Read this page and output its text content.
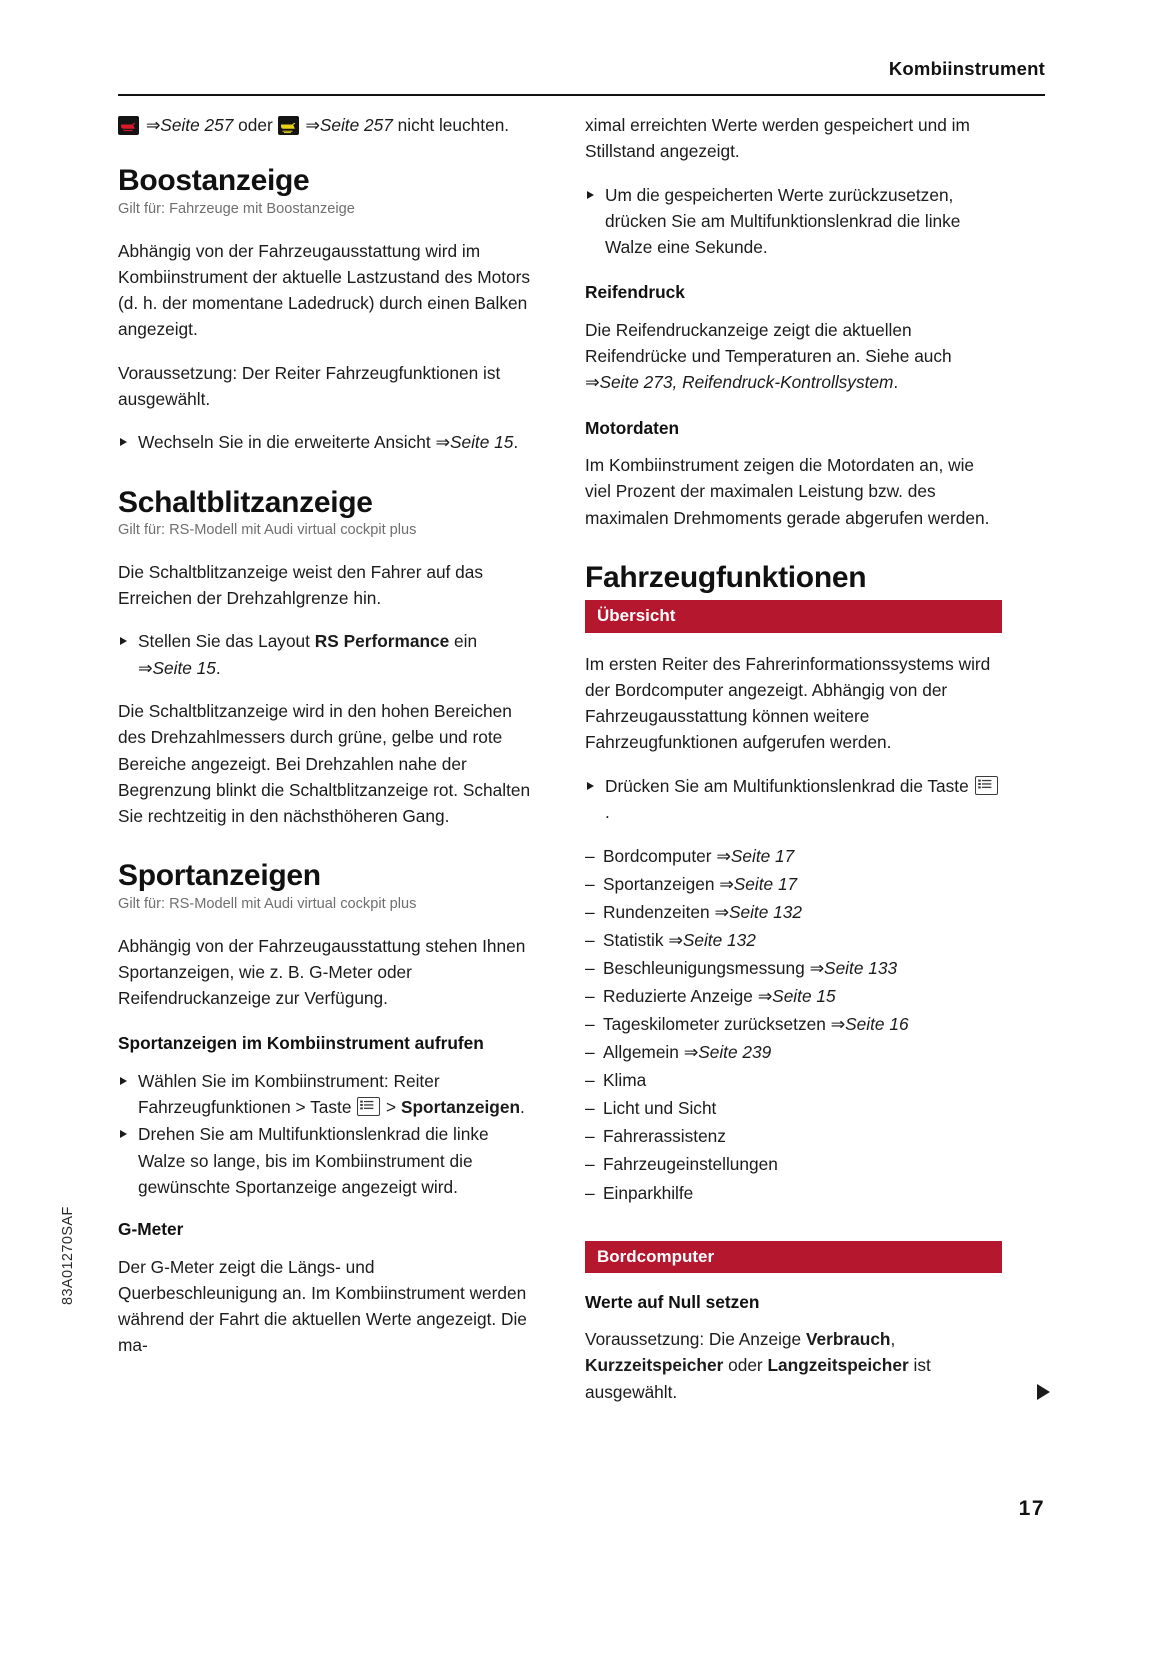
Kombiinstrument

⇒Seite 257 oder
⇒Seite 257 nicht leuchten.

Boostanzeige
Gilt für: Fahrzeuge mit Boostanzeige

Abhängig von der Fahrzeugausstattung wird im Kombiinstrument der aktuelle Lastzustand des Motors (d. h. der momentane Ladedruck) durch einen Balken angezeigt.

Voraussetzung: Der Reiter Fahrzeugfunktionen ist ausgewählt.

Wechseln Sie in die erweiterte Ansicht ⇒Seite 15.
Schaltblitzanzeige
Gilt für: RS-Modell mit Audi virtual cockpit plus

Die Schaltblitzanzeige weist den Fahrer auf das Erreichen der Drehzahlgrenze hin.

Stellen Sie das Layout RS Performance ein ⇒Seite 15.

Die Schaltblitzanzeige wird in den hohen Bereichen des Drehzahlmessers durch grüne, gelbe und rote Bereiche angezeigt. Bei Drehzahlen nahe der Begrenzung blinkt die Schaltblitzanzeige rot. Schalten Sie rechtzeitig in den nächsthöheren Gang.

Sportanzeigen
Gilt für: RS-Modell mit Audi virtual cockpit plus

Abhängig von der Fahrzeugausstattung stehen Ihnen Sportanzeigen, wie z. B. G-Meter oder Reifendruckanzeige zur Verfügung.

Sportanzeigen im Kombiinstrument aufrufen
Wählen Sie im Kombiinstrument: Reiter Fahrzeugfunktionen > Taste
> Sportanzeigen.
Drehen Sie am Multifunktionslenkrad die linke Walze so lange, bis im Kombiinstrument die gewünschte Sportanzeige angezeigt wird.
G-Meter

Der G-Meter zeigt die Längs- und Querbeschleunigung an. Im Kombiinstrument werden während der Fahrt die aktuellen Werte angezeigt. Die ma-

ximal erreichten Werte werden gespeichert und im Stillstand angezeigt.

Um die gespeicherten Werte zurückzusetzen, drücken Sie am Multifunktionslenkrad die linke Walze eine Sekunde.
Reifendruck

Die Reifendruckanzeige zeigt die aktuellen Reifendrücke und Temperaturen an. Siehe auch ⇒Seite 273, Reifendruck-Kontrollsystem.

Motordaten

Im Kombiinstrument zeigen die Motordaten an, wie viel Prozent der maximalen Leistung bzw. des maximalen Drehmoments gerade abgerufen werden.

Fahrzeugfunktionen
Übersicht

Im ersten Reiter des Fahrerinformationssystems wird der Bordcomputer angezeigt. Abhängig von der Fahrzeugausstattung können weitere Fahrzeugfunktionen aufgerufen werden.

Drücken Sie am Multifunktionslenkrad die Taste
.
– Bordcomputer ⇒Seite 17
– Sportanzeigen ⇒Seite 17
– Rundenzeiten ⇒Seite 132
– Statistik ⇒Seite 132
– Beschleunigungsmessung ⇒Seite 133
– Reduzierte Anzeige ⇒Seite 15
– Tageskilometer zurücksetzen ⇒Seite 16
– Allgemein ⇒Seite 239
– Klima
– Licht und Sicht
– Fahrerassistenz
– Fahrzeugeinstellungen
– Einparkhilfe
Bordcomputer
Werte auf Null setzen

Voraussetzung: Die Anzeige Verbrauch, Kurzzeitspeicher oder Langzeitspeicher ist ausgewählt.

83A01270SAF
17
